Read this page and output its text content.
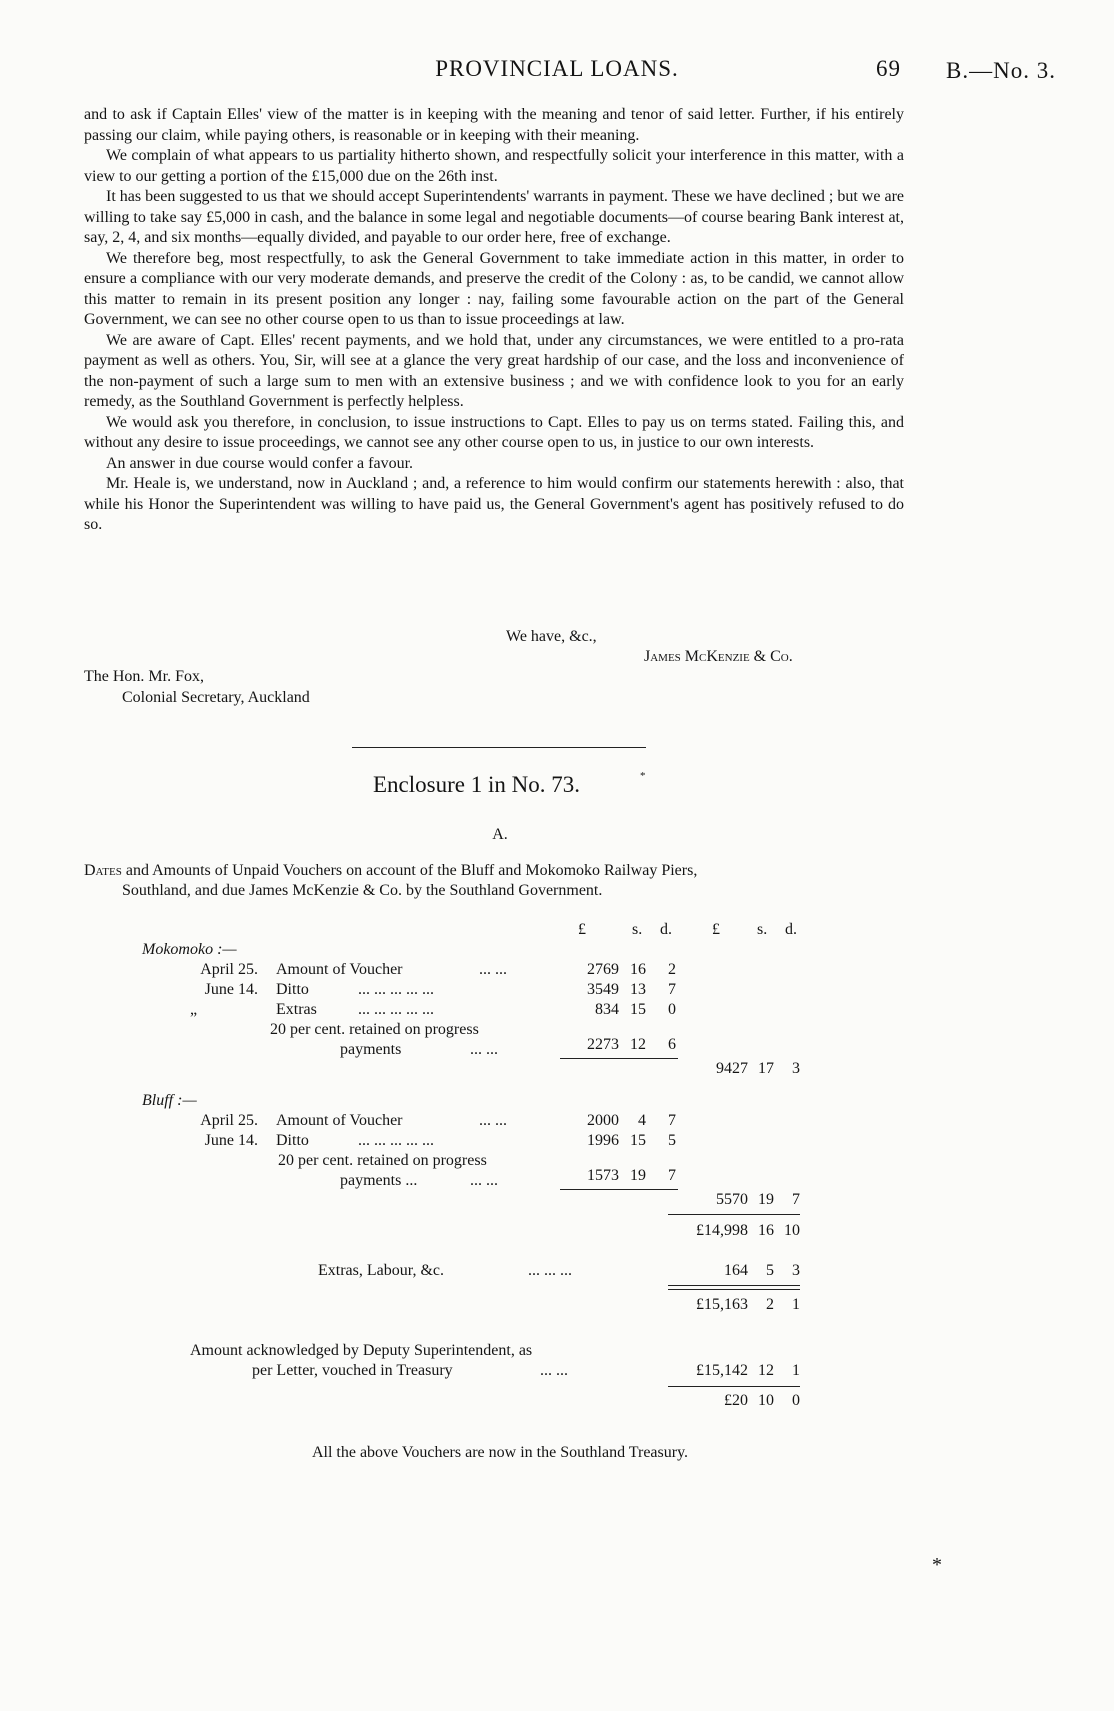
PROVINCIAL LOANS.	69 B.—No. 3.

and to ask if Captain Elles' view of the matter is in keeping with the meaning and tenor of said letter. Further, if his entirely passing our claim, while paying others, is reasonable or in keeping with their meaning.

We complain of what appears to us partiality hitherto shown, and respectfully solicit your interference in this matter, with a view to our getting a portion of the £15,000 due on the 26th inst.

It has been suggested to us that we should accept Superintendents' warrants in payment. These we have declined ; but we are willing to take say £5,000 in cash, and the balance in some legal and negotiable documents—of course bearing Bank interest at, say, 2, 4, and six months—equally divided, and payable to our order here, free of exchange.

We therefore beg, most respectfully, to ask the General Government to take immediate action in this matter, in order to ensure a compliance with our very moderate demands, and preserve the credit of the Colony : as, to be candid, we cannot allow this matter to remain in its present position any longer : nay, failing some favourable action on the part of the General Government, we can see no other course open to us than to issue proceedings at law.

We are aware of Capt. Elles' recent payments, and we hold that, under any circumstances, we were entitled to a pro-rata payment as well as others. You, Sir, will see at a glance the very great hardship of our case, and the loss and inconvenience of the non-payment of such a large sum to men with an extensive business ; and we with confidence look to you for an early remedy, as the Southland Government is perfectly helpless.

We would ask you therefore, in conclusion, to issue instructions to Capt. Elles to pay us on terms stated. Failing this, and without any desire to issue proceedings, we cannot see any other course open to us, in justice to our own interests.

An answer in due course would confer a favour.

Mr. Heale is, we understand, now in Auckland ; and, a reference to him would confirm our statements herewith : also, that while his Honor the Superintendent was willing to have paid us, the General Government's agent has positively refused to do so.

We have, &c.,
James McKenzie & Co.
The Hon. Mr. Fox,
Colonial Secretary, Auckland
Enclosure 1 in No. 73.	*
A.
Dates and Amounts of Unpaid Vouchers on account of the Bluff and Mokomoko Railway Piers,
Southland, and due James McKenzie & Co. by the Southland Government.
£	s. d.	£ s. d.
Mokomoko :—
April 25. Amount of Voucher	... ...	2769 16	2
June 14. Ditto	... ... ... ... ...	3549 13	7
„	Extras	... ... ... ... ...	834 15	0
20 per cent. retained on progress
payments	... ...	2273 12	6
9427 17	3
Bluff :—
April 25. Amount of Voucher	... ...	2000	4	7
June 14. Ditto	... ... ... ... ...	1996 15	5
20 per cent. retained on progress
payments ...	... ...	1573 19	7
5570 19	7
£14,998 16 10
Extras, Labour, &c.	... ... ...	164	5	3
£15,163	2	1
Amount acknowledged by Deputy Superintendent, as
per Letter, vouched in Treasury	... ...	£15,142 12	1
£20 10	0
All the above Vouchers are now in the Southland Treasury.
*
